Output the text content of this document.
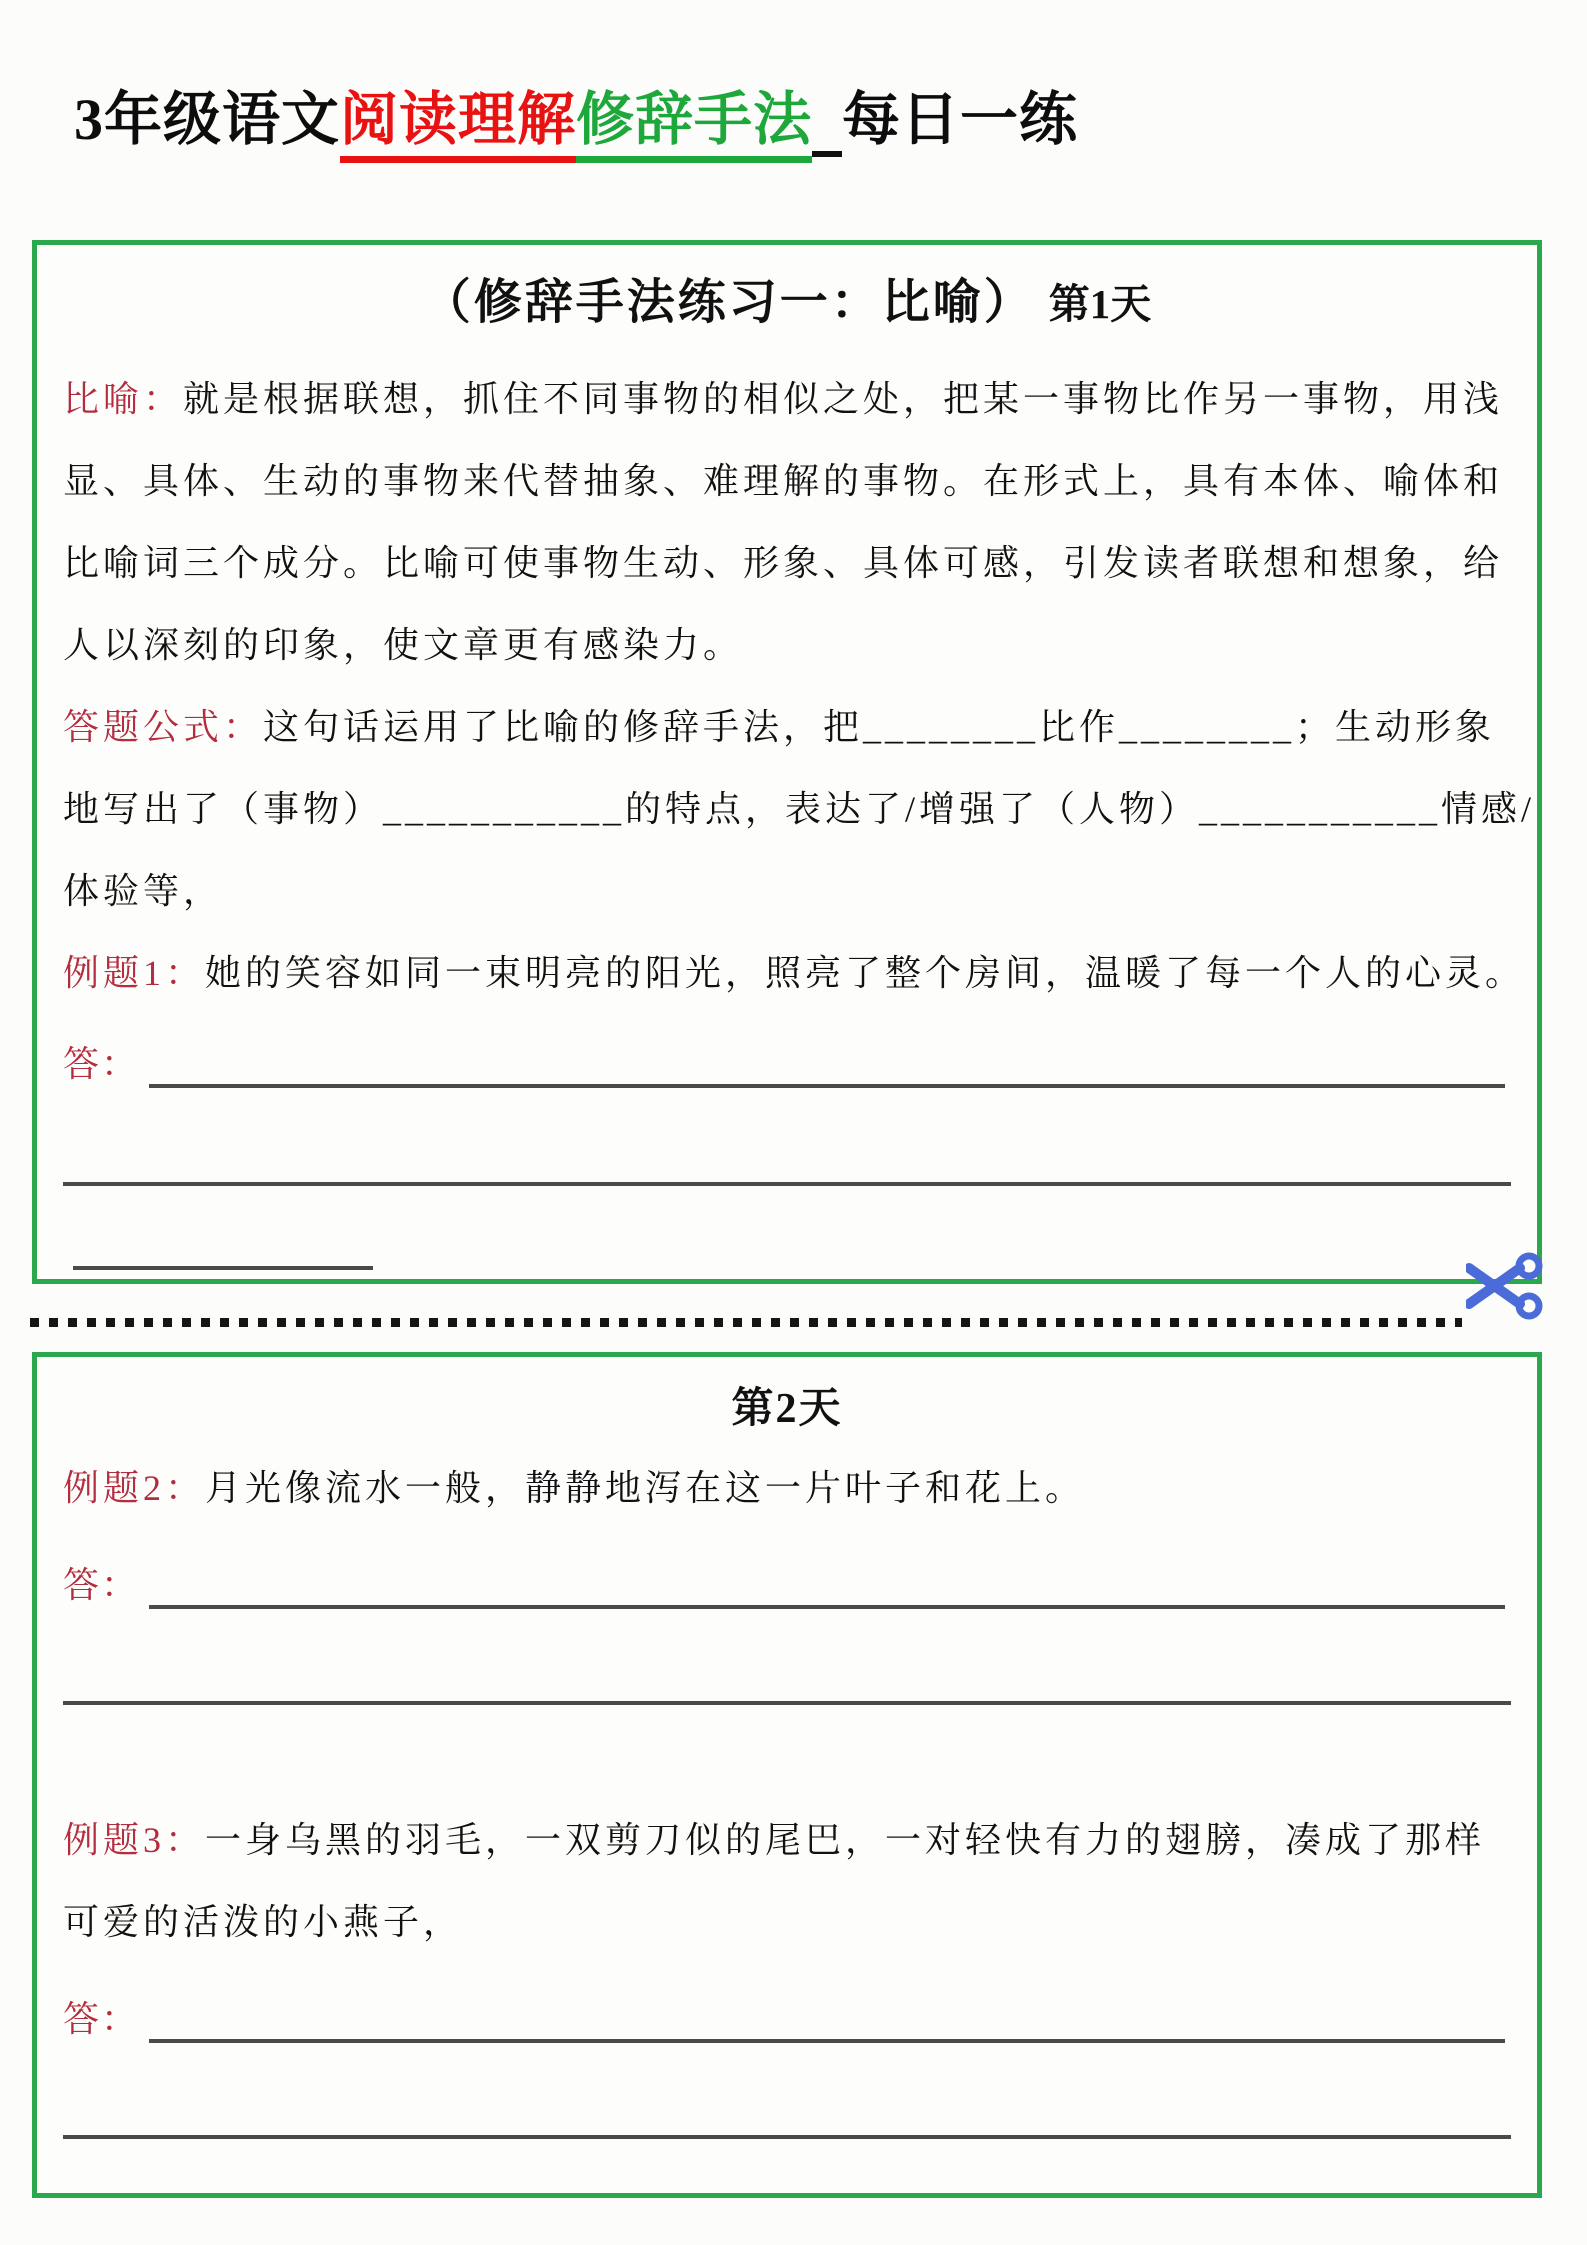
3年级语文阅读理解修辞手法 每日一练
（修辞手法练习一：比喻） 第1天

比喻：就是根据联想，抓住不同事物的相似之处，把某一事物比作另一事物，用浅

显、具体、生动的事物来代替抽象、难理解的事物。在形式上，具有本体、喻体和

比喻词三个成分。比喻可使事物生动、形象、具体可感，引发读者联想和想象，给

人以深刻的印象，使文章更有感染力。

答题公式：这句话运用了比喻的修辞手法，把________比作________；生动形象

地写出了（事物）___________的特点，表达了/增强了（人物）___________情感/

体验等，

例题1：她的笑容如同一束明亮的阳光，照亮了整个房间，温暖了每一个人的心灵。

答：
第2天

例题2：月光像流水一般，静静地泻在这一片叶子和花上。

答：

例题3：一身乌黑的羽毛，一双剪刀似的尾巴，一对轻快有力的翅膀，凑成了那样

可爱的活泼的小燕子，

答：
